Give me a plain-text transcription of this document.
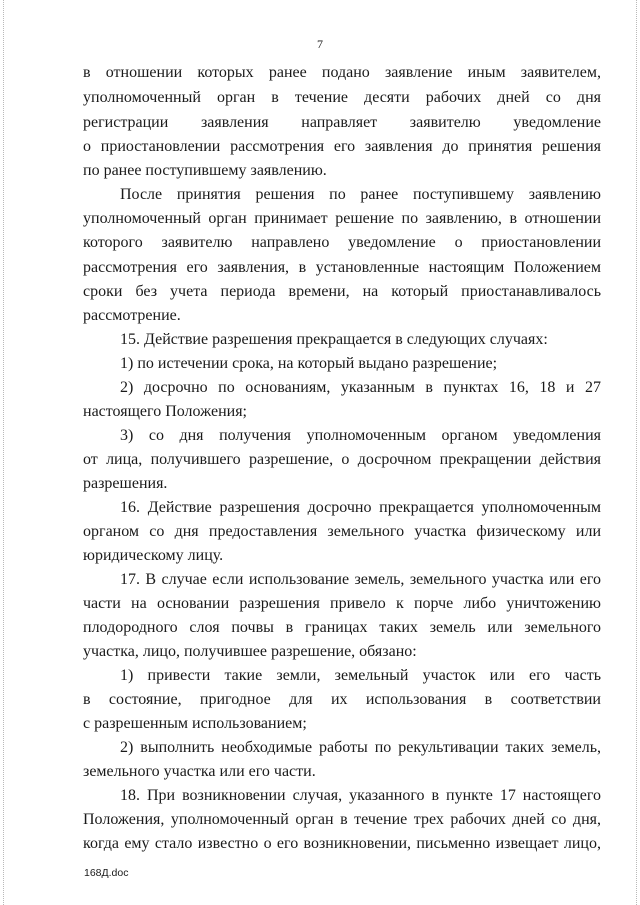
7
в отношении которых ранее подано заявление иным заявителем,
уполномоченный орган в течение десяти рабочих дней со дня
регистрации заявления направляет заявителю уведомление
о приостановлении рассмотрения его заявления до принятия решения
по ранее поступившему заявлению.
После принятия решения по ранее поступившему заявлению
уполномоченный орган принимает решение по заявлению, в отношении
которого заявителю направлено уведомление о приостановлении
рассмотрения его заявления, в установленные настоящим Положением
сроки без учета периода времени, на который приостанавливалось
рассмотрение.
15. Действие разрешения прекращается в следующих случаях:
1) по истечении срока, на который выдано разрешение;
2) досрочно по основаниям, указанным в пунктах 16, 18 и 27
настоящего Положения;
3) со дня получения уполномоченным органом уведомления
от лица, получившего разрешение, о досрочном прекращении действия
разрешения.
16. Действие разрешения досрочно прекращается уполномоченным
органом со дня предоставления земельного участка физическому или
юридическому лицу.
17. В случае если использование земель, земельного участка или его
части на основании разрешения привело к порче либо уничтожению
плодородного слоя почвы в границах таких земель или земельного
участка, лицо, получившее разрешение, обязано:
1) привести такие земли, земельный участок или его часть
в состояние, пригодное для их использования в соответствии
с разрешенным использованием;
2) выполнить необходимые работы по рекультивации таких земель,
земельного участка или его части.
18. При возникновении случая, указанного в пункте 17 настоящего
Положения, уполномоченный орган в течение трех рабочих дней со дня,
когда ему стало известно о его возникновении, письменно извещает лицо,
168Д.doc
